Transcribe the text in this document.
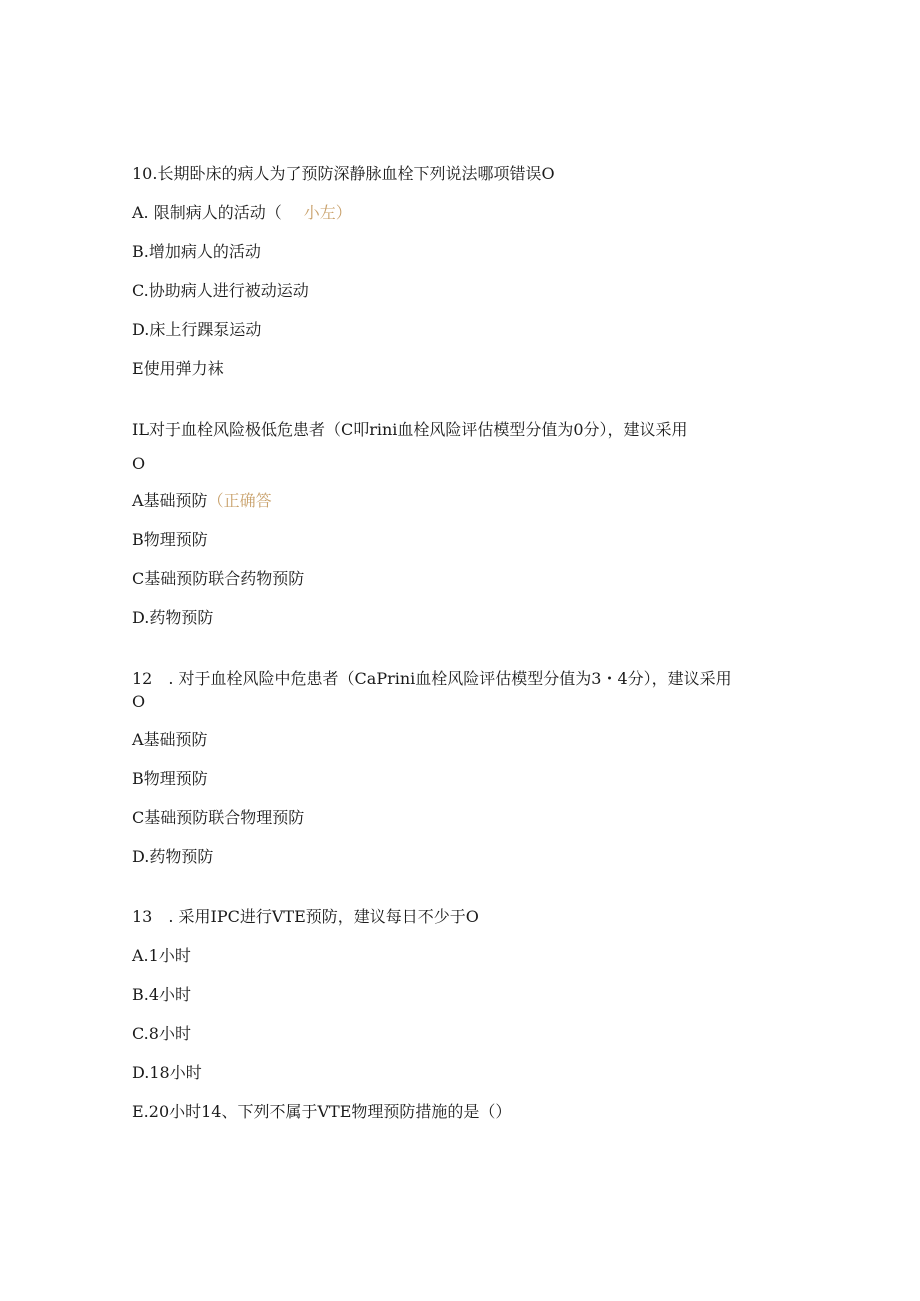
10.长期卧床的病人为了预防深静脉血栓下列说法哪项错误O
A. 限制病人的活动（ 小左）
B.增加病人的活动
C.协助病人进行被动运动
D.床上行踝泵运动
E使用弹力袜
IL对于血栓风险极低危患者（C叩rini血栓风险评估模型分值为0分），建议采用
O
A基础预防（正确答
B物理预防
C基础预防联合药物预防
D.药物预防
12　. 对于血栓风险中危患者（CaPrini血栓风险评估模型分值为3・4分），建议采用
O
A基础预防
B物理预防
C基础预防联合物理预防
D.药物预防
13　. 采用IPC进行VTE预防，建议每日不少于O
A.1小时
B.4小时
C.8小时
D.18小时
E.20小时14、下列不属于VTE物理预防措施的是（）
